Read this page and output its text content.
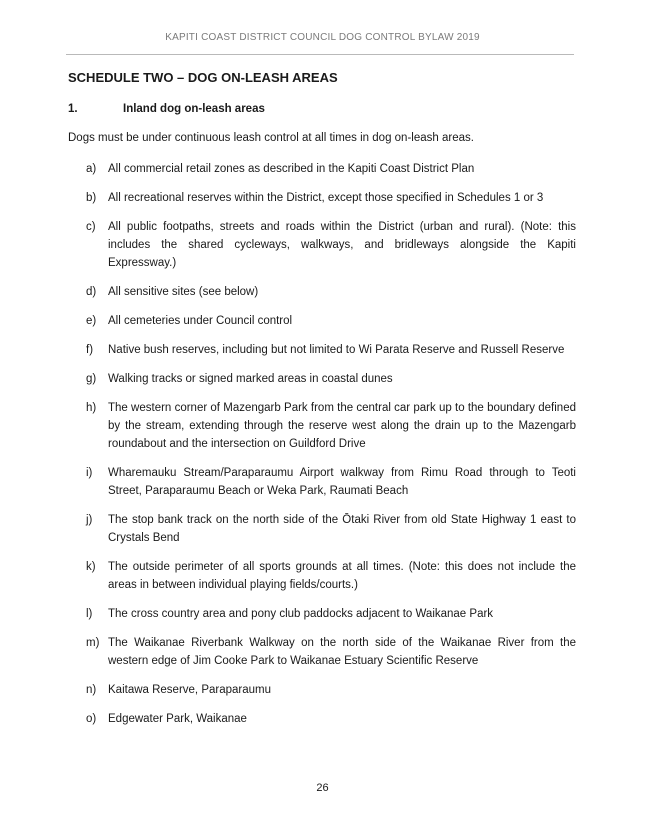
KAPITI COAST DISTRICT COUNCIL DOG CONTROL BYLAW 2019
SCHEDULE TWO – DOG ON-LEASH AREAS
1.	Inland dog on-leash areas

Dogs must be under continuous leash control at all times in dog on-leash areas.

a)	All commercial retail zones as described in the Kapiti Coast District Plan
b)	All recreational reserves within the District, except those specified in Schedules 1 or 3
c)	All public footpaths, streets and roads within the District (urban and rural). (Note: this includes the shared cycleways, walkways, and bridleways alongside the Kapiti Expressway.)
d)	All sensitive sites (see below)
e)	All cemeteries under Council control
f)	Native bush reserves, including but not limited to Wi Parata Reserve and Russell Reserve
g)	Walking tracks or signed marked areas in coastal dunes
h)	The western corner of Mazengarb Park from the central car park up to the boundary defined by the stream, extending through the reserve west along the drain up to the Mazengarb roundabout and the intersection on Guildford Drive
i)	Wharemauku Stream/Paraparaumu Airport walkway from Rimu Road through to Teoti Street, Paraparaumu Beach or Weka Park, Raumati Beach
j)	The stop bank track on the north side of the Ōtaki River from old State Highway 1 east to Crystals Bend
k)	The outside perimeter of all sports grounds at all times. (Note: this does not include the areas in between individual playing fields/courts.)
l)	The cross country area and pony club paddocks adjacent to Waikanae Park
m) The Waikanae Riverbank Walkway on the north side of the Waikanae River from the western edge of Jim Cooke Park to Waikanae Estuary Scientific Reserve
n)	Kaitawa Reserve, Paraparaumu
o)	Edgewater Park, Waikanae
26
